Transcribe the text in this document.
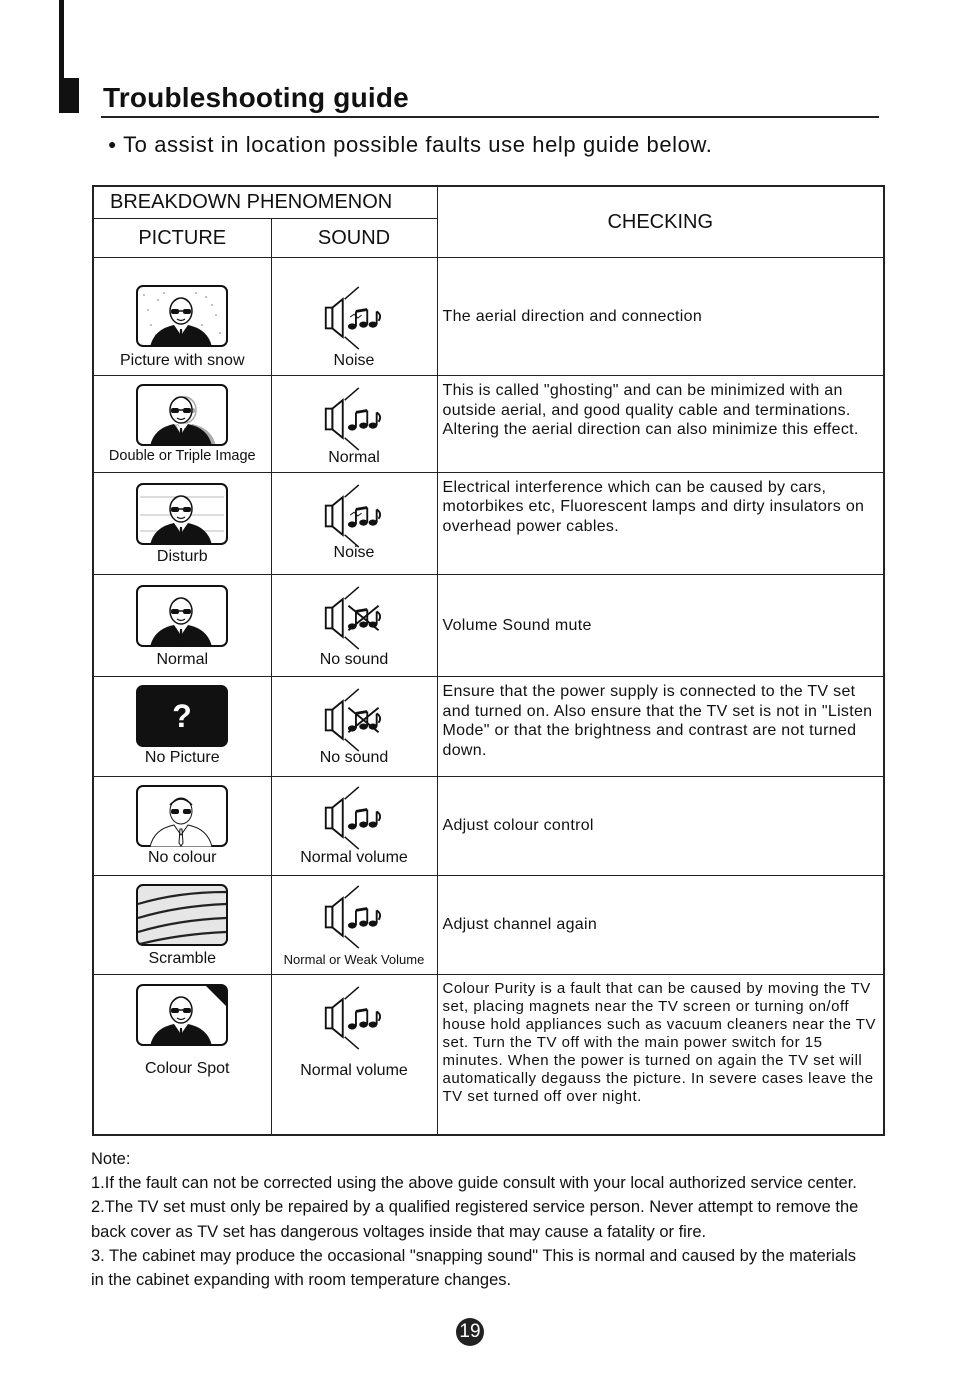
Troubleshooting guide
● To assist in location possible faults use help guide below.
BREAKDOWN PHENOMENON		CHECKING
PICTURE	SOUND	

Picture with snow	Noise	The aerial direction and connection

Double or Triple Image	Normal	This is called "ghosting" and can be minimized with an outside aerial, and good quality cable and terminations. Altering the aerial direction can also minimize this effect.

Disturb	Noise	Electrical interference which can be caused by cars, motorbikes etc, Fluorescent lamps and dirty insulators on overhead power cables.

Normal	No sound	Volume Sound mute

?
No Picture	No sound	Ensure that the power supply is connected to the TV set and turned on. Also ensure that the TV set is not in "Listen Mode" or that the brightness and contrast are not turned down.

No colour	Normal volume	Adjust colour control

Scramble	Normal or Weak Volume	Adjust channel again

Colour Spot	Normal volume	Colour Purity is a fault that can be caused by moving the TV set, placing magnets near the TV screen or turning on/off house hold appliances such as vacuum cleaners near the TV set. Turn the TV off with the main power switch for 15 minutes. When the power is turned on again the TV set will automatically degauss the picture. In severe cases leave the TV set turned off over night.

Note:

1.If the fault can not be corrected using the above guide consult with your local authorized service center.

2.The TV set must only be repaired by a qualified registered service person. Never attempt to remove the back cover as TV set has dangerous voltages inside that may cause a fatality or fire.

3. The cabinet may produce the occasional "snapping sound" This is normal and caused by the materials in the cabinet expanding with room temperature changes.

19
